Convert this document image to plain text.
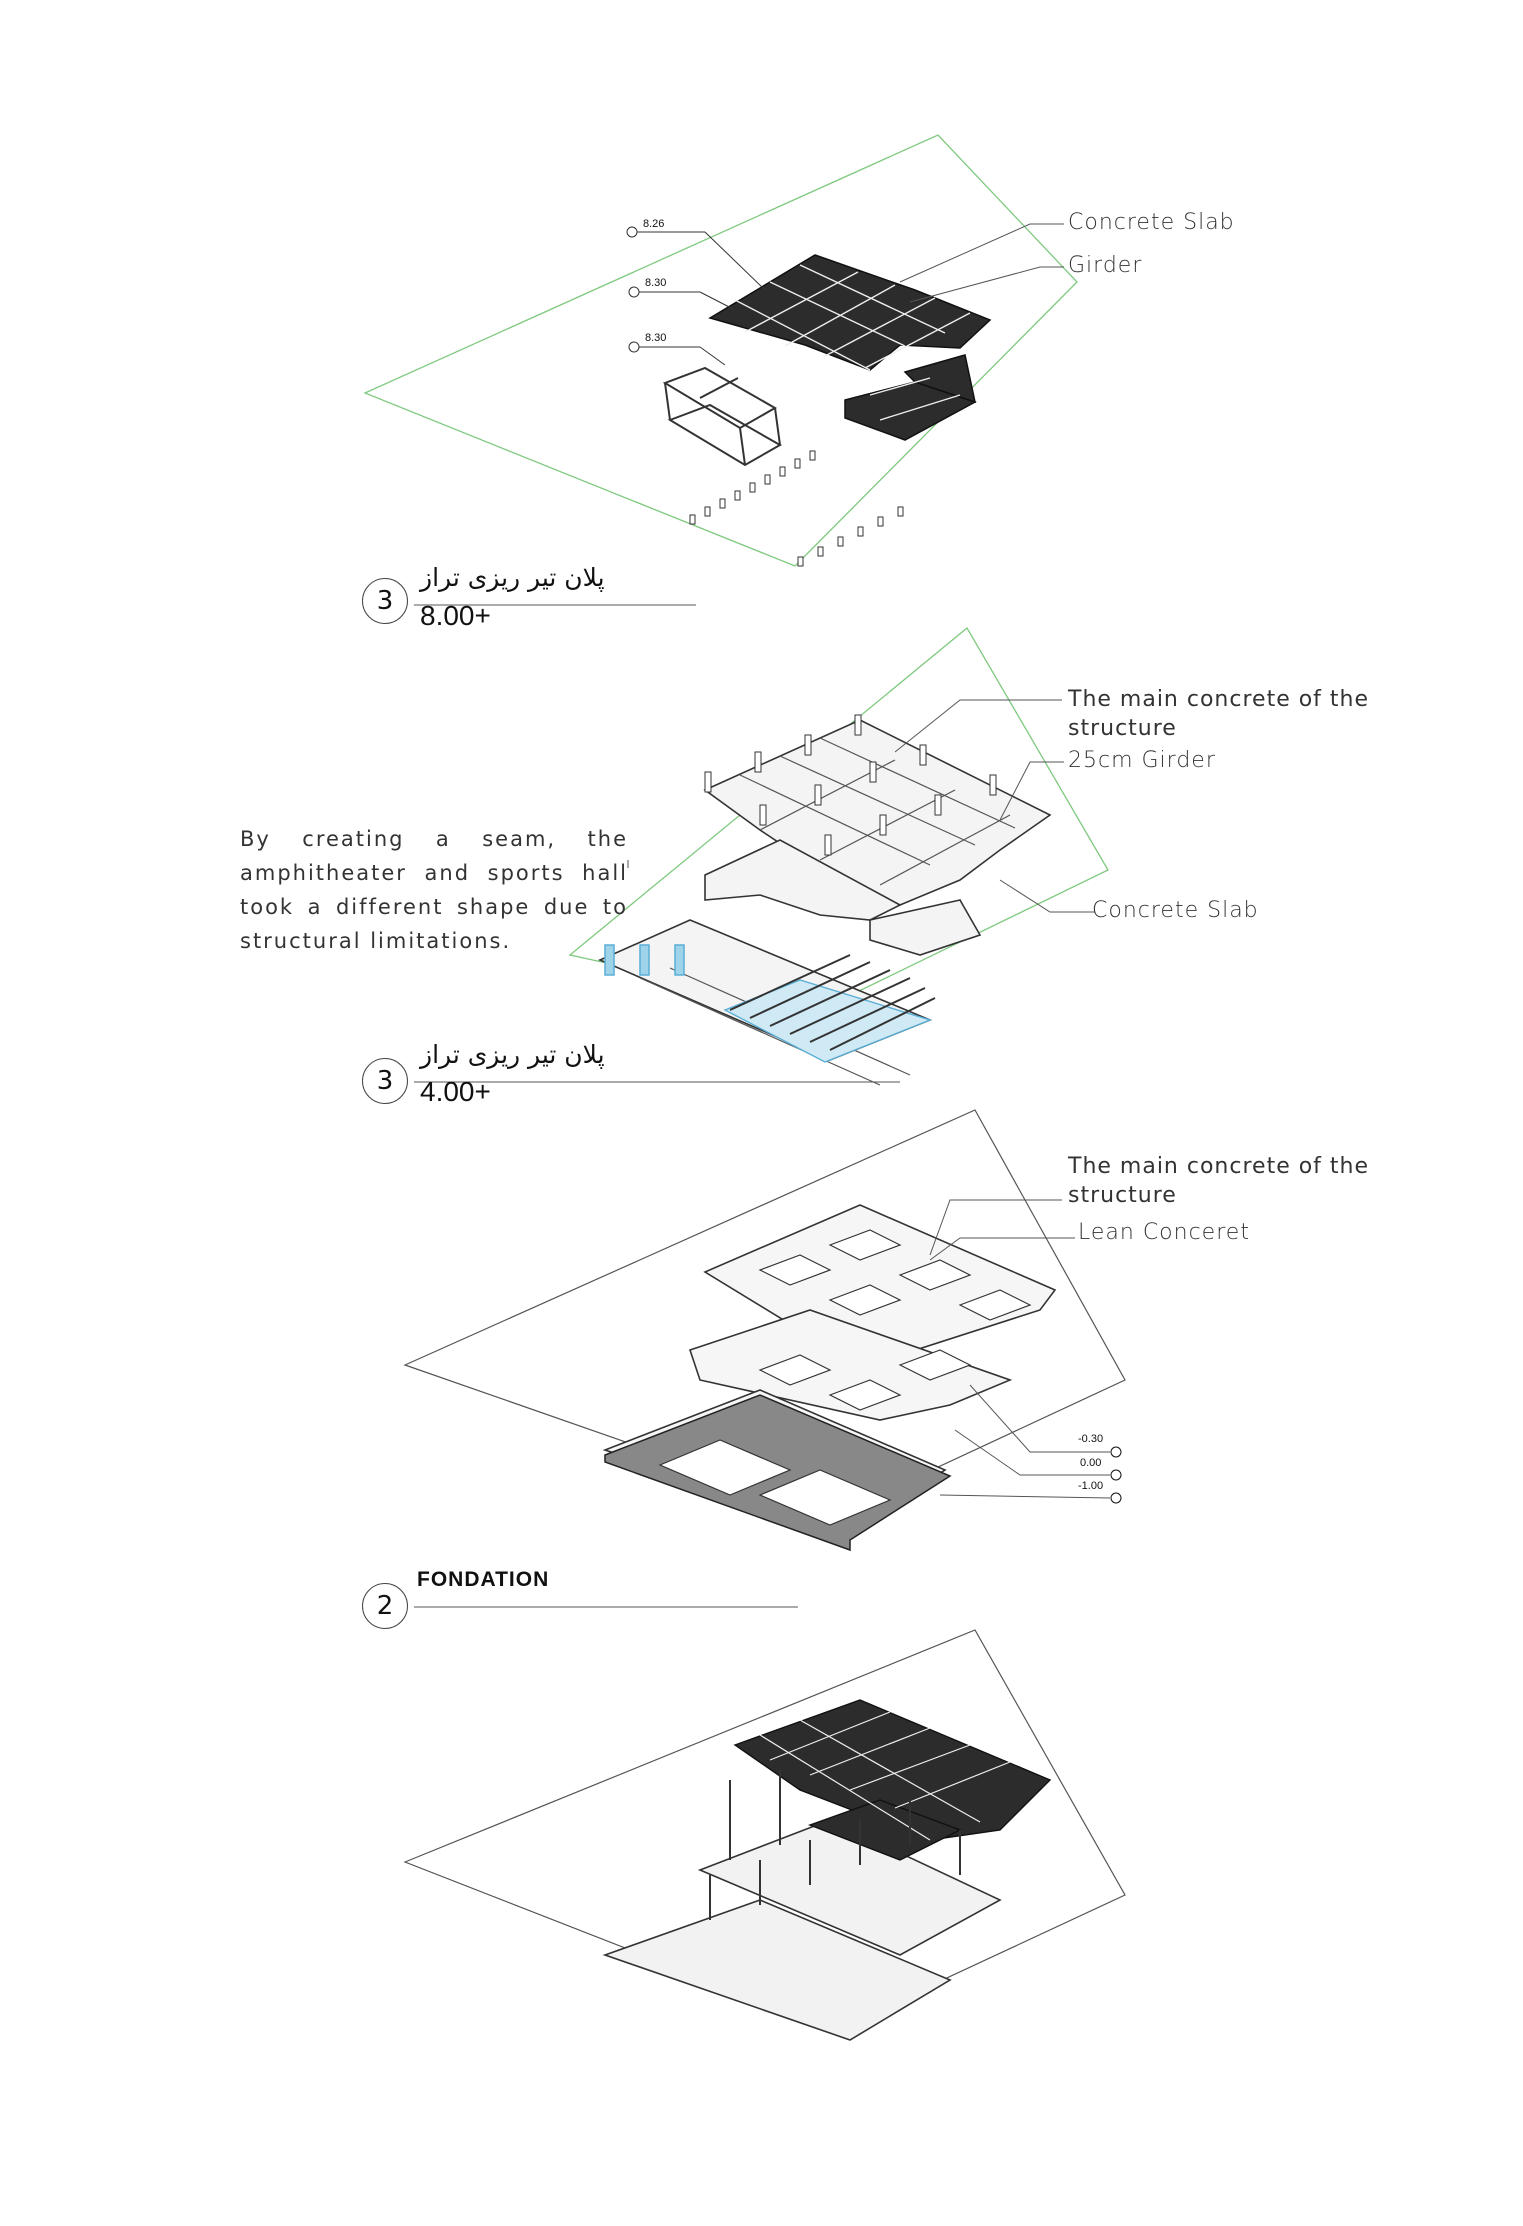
8.26
8.30
8.30
Concrete Slab
Girder
3
پلان تیر ریزی تراز
8.00+
The main concrete of the structure
25cm Girder
Concrete Slab
By creating a seam, the amphitheater and sports hall took a different shape due to structural limitations.
3
پلان تیر ریزی تراز
4.00+
The main concrete of the structure
Lean Conceret
-0.30
0.00
-1.00
2
FONDATION
